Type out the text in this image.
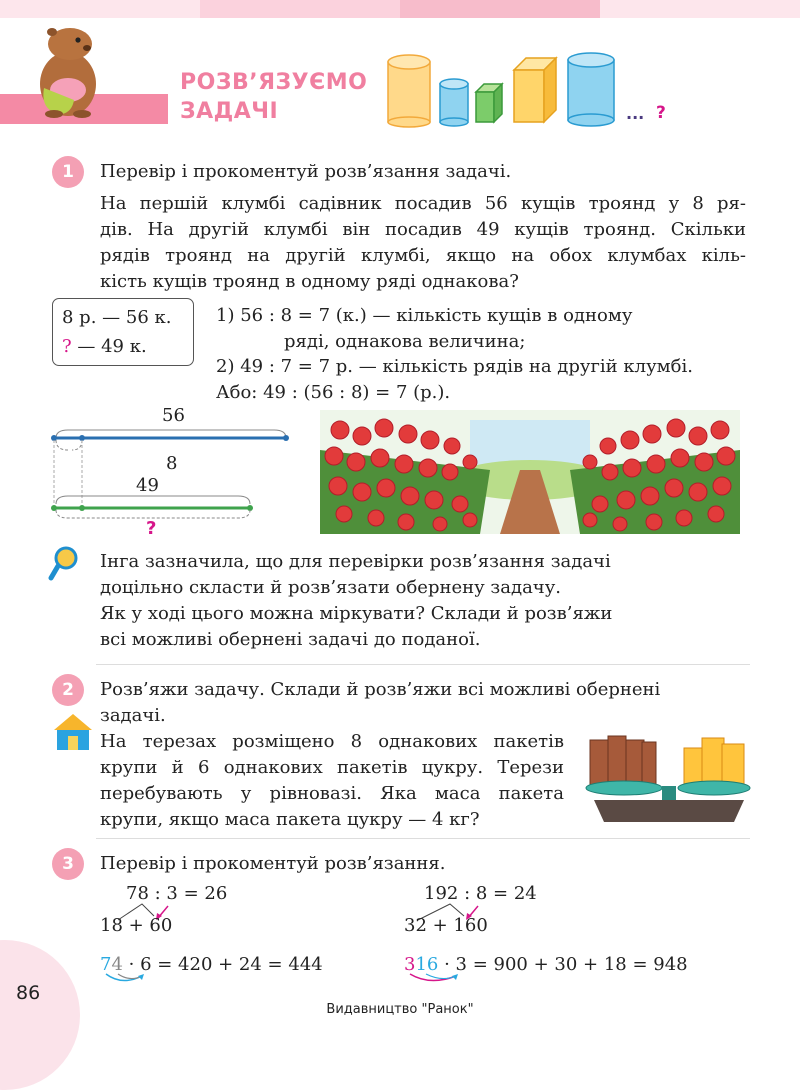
РОЗВ’ЯЗУЄМО
ЗАДАЧІ	... ?
1	Перевір і прокоментуй розв’язання задачі.
На першій клумбі садівник посадив 56 кущів троянд у 8 ря-
дів. На другій клумбі він посадив 49 кущів троянд. Скільки
рядів троянд на другій клумбі, якщо на обох клумбах кіль-
кість кущів троянд в одному ряді однакова?
8 р. — 56 к.
? — 49 к.
1) 56 : 8 = 7 (к.) — кількість кущів в одному
ряді, однакова величина;
2) 49 : 7 = 7 р. — кількість рядів на другій клумбі.
Або: 49 : (56 : 8) = 7 (р.).
56
8
49
?
Інга зазначила, що для перевірки розв’язання задачі
доцільно скласти й розв’язати обернену задачу.
Як у ході цього можна міркувати? Склади й розв’яжи
всі можливі обернені задачі до поданої.
2	Розв’яжи задачу. Склади й розв’яжи всі можливі обернені
задачі.
На терезах розміщено 8 однакових пакетів
крупи й 6 однакових пакетів цукру. Терези
перебувають у рівновазі. Яка маса пакета
крупи, якщо маса пакета цукру — 4 кг?
3	Перевір і прокоментуй розв’язання.
78 : 3 = 26
18 + 60
74 · 6 = 420 + 24 = 444
192 : 8 = 24
32 + 160
316 · 3 = 900 + 30 + 18 = 948
86
Видавництво "Ранок"
